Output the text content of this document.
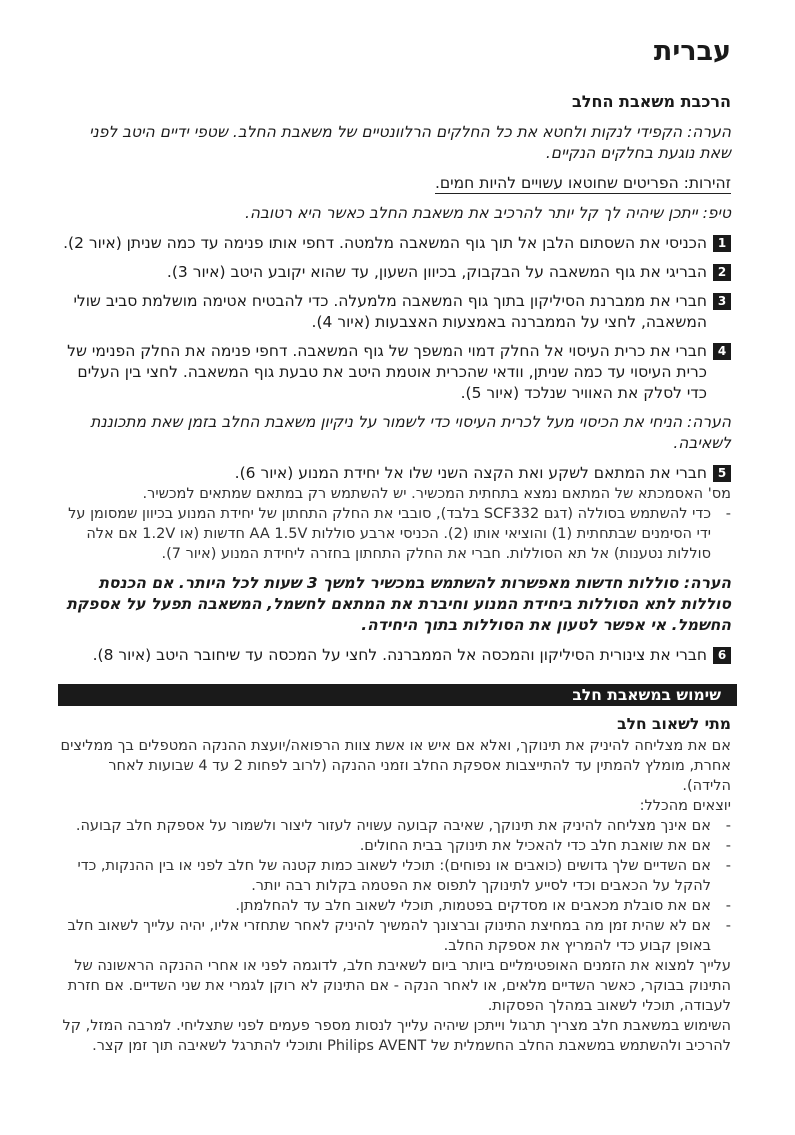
עברית
הרכבת משאבת החלב

הערה: הקפידי לנקות ולחטא את כל החלקים הרלוונטיים של משאבת החלב. שטפי ידיים היטב לפני שאת נוגעת בחלקים הנקיים.

זהירות: הפריטים שחוטאו עשויים להיות חמים.

טיפ: ייתכן שיהיה לך קל יותר להרכיב את משאבת החלב כאשר היא רטובה.

1
הכניסי את השסתום הלבן אל תוך גוף המשאבה מלמטה. דחפי אותו פנימה עד כמה שניתן (איור 2).
2
הבריגי את גוף המשאבה על הבקבוק, בכיוון השעון, עד שהוא יקובע היטב (איור 3).
3
חברי את ממברנת הסיליקון בתוך גוף המשאבה מלמעלה. כדי להבטיח אטימה מושלמת סביב שולי המשאבה, לחצי על הממברנה באמצעות האצבעות (איור 4).
4
חברי את כרית העיסוי אל החלק דמוי המשפך של גוף המשאבה. דחפי פנימה את החלק הפנימי של כרית העיסוי עד כמה שניתן, וודאי שהכרית אוטמת היטב את טבעת גוף המשאבה. לחצי בין העלים כדי לסלק את האוויר שנלכד (איור 5).

הערה: הניחי את הכיסוי מעל לכרית העיסוי כדי לשמור על ניקיון משאבת החלב בזמן שאת מתכוננת לשאיבה.

5
חברי את המתאם לשקע ואת הקצה השני שלו אל יחידת המנוע (איור 6).

מס' האסמכתא של המתאם נמצא בתחתית המכשיר. יש להשתמש רק במתאם שמתאים למכשיר.

-
כדי להשתמש בסוללה (דגם SCF332 בלבד), סובבי את החלק התחתון של יחידת המנוע בכיוון שמסומן על ידי הסימנים שבתחתית (1) והוציאי אותו (2). הכניסי ארבע סוללות AA 1.5V חדשות (או 1.2V אם אלה סוללות נטענות) אל תא הסוללות. חברי את החלק התחתון בחזרה ליחידת המנוע (איור 7).

הערה: סוללות חדשות מאפשרות להשתמש במכשיר למשך 3 שעות לכל היותר. אם הכנסת סוללות לתא הסוללות ביחידת המנוע וחיברת את המתאם לחשמל, המשאבה תפעל על אספקת החשמל. אי אפשר לטעון את הסוללות בתוך היחידה.

6
חברי את צינורית הסיליקון והמכסה אל הממברנה. לחצי על המכסה עד שיחובר היטב (איור 8).
שימוש במשאבת חלב
מתי לשאוב חלב

אם את מצליחה להיניק את תינוקך, ואלא אם איש או אשת צוות הרפואה/יועצת ההנקה המטפלים בך ממליצים אחרת, מומלץ להמתין עד להתייצבות אספקת החלב וזמני ההנקה (לרוב לפחות 2 עד 4 שבועות לאחר הלידה).

יוצאים מהכלל:

-
אם אינך מצליחה להיניק את תינוקך, שאיבה קבועה עשויה לעזור ליצור ולשמור על אספקת חלב קבועה.
-
אם את שואבת חלב כדי להאכיל את תינוקך בבית החולים.
-
אם השדיים שלך גדושים (כואבים או נפוחים): תוכלי לשאוב כמות קטנה של חלב לפני או בין ההנקות, כדי להקל על הכאבים וכדי לסייע לתינוקך לתפוס את הפטמה בקלות רבה יותר.
-
אם את סובלת מכאבים או מסדקים בפטמות, תוכלי לשאוב חלב עד להחלמתן.
-
אם לא שהית זמן מה במחיצת התינוק וברצונך להמשיך להיניק לאחר שתחזרי אליו, יהיה עלייך לשאוב חלב באופן קבוע כדי להמריץ את אספקת החלב.

עלייך למצוא את הזמנים האופטימליים ביותר ביום לשאיבת חלב, לדוגמה לפני או אחרי ההנקה הראשונה של התינוק בבוקר, כאשר השדיים מלאים, או לאחר הנקה - אם התינוק לא רוקן לגמרי את שני השדיים. אם חזרת לעבודה, תוכלי לשאוב במהלך הפסקות.

השימוש במשאבת חלב מצריך תרגול וייתכן שיהיה עלייך לנסות מספר פעמים לפני שתצליחי. למרבה המזל, קל להרכיב ולהשתמש במשאבת החלב החשמלית של Philips AVENT ותוכלי להתרגל לשאיבה תוך זמן קצר.
